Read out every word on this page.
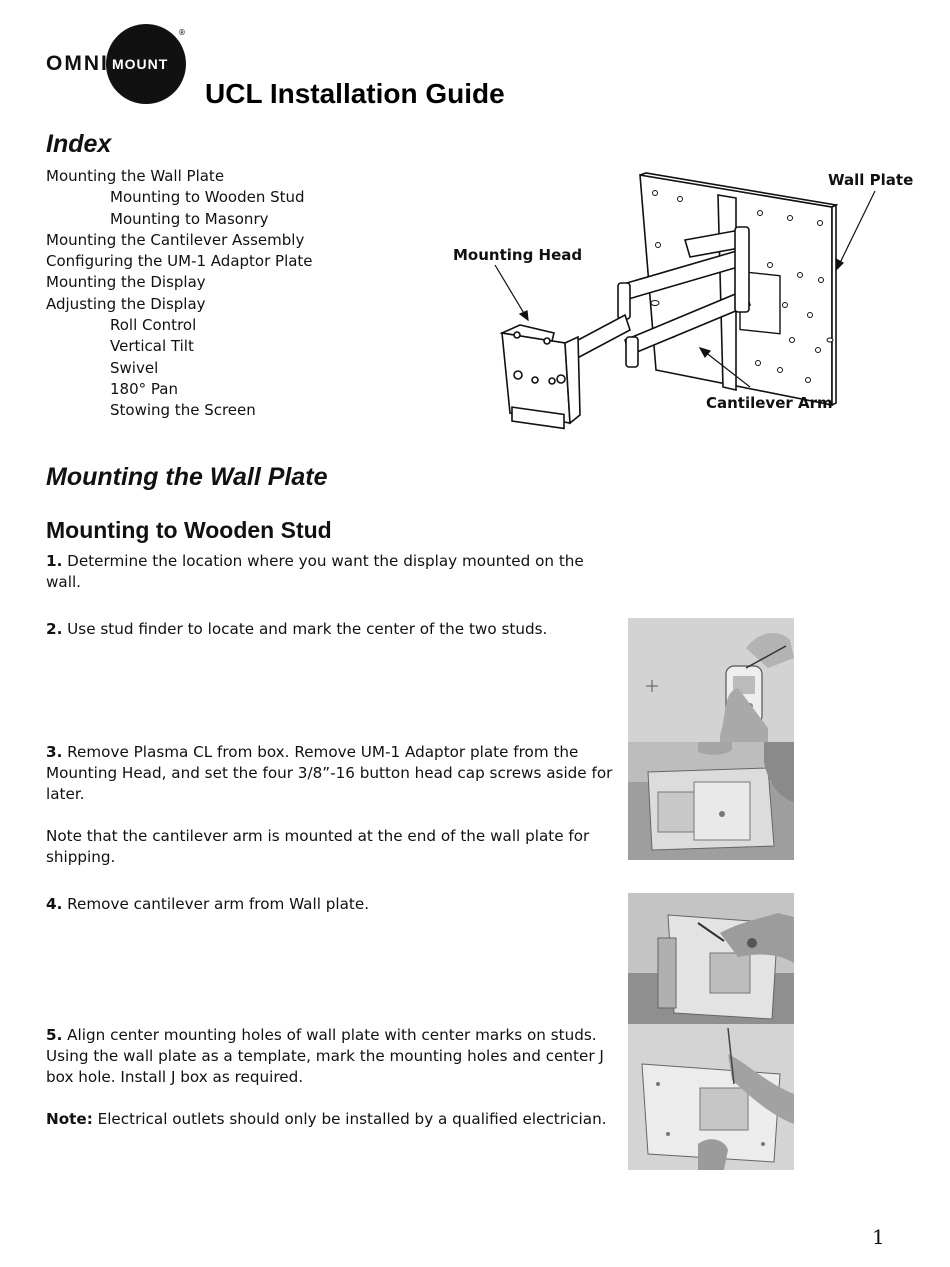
OMNI MOUNT
®
UCL Installation Guide
Index
Mounting the Wall Plate
Mounting to Wooden Stud
Mounting to Masonry
Mounting the Cantilever Assembly
Configuring the UM-1 Adaptor Plate
Mounting the Display
Adjusting the Display
Roll Control
Vertical Tilt
Swivel
180° Pan
Stowing the Screen
Wall Plate
Mounting Head
Cantilever Arm
Mounting the Wall Plate
Mounting to Wooden Stud
1. Determine the location where you want the display mounted on the wall.
2. Use stud finder to locate and mark the center of the two studs.
3. Remove Plasma CL from box. Remove UM-1 Adaptor plate from the Mounting Head, and set the four 3/8”-16 button head cap screws aside for later.
Note that the cantilever arm is mounted at the end of the wall plate for shipping.
4. Remove cantilever arm from Wall plate.
5. Align center mounting holes of wall plate with center marks on studs. Using the wall plate as a template, mark the mounting holes and center J box hole. Install J box as required.
Note: Electrical outlets should only be installed by a qualified electrician.
1
